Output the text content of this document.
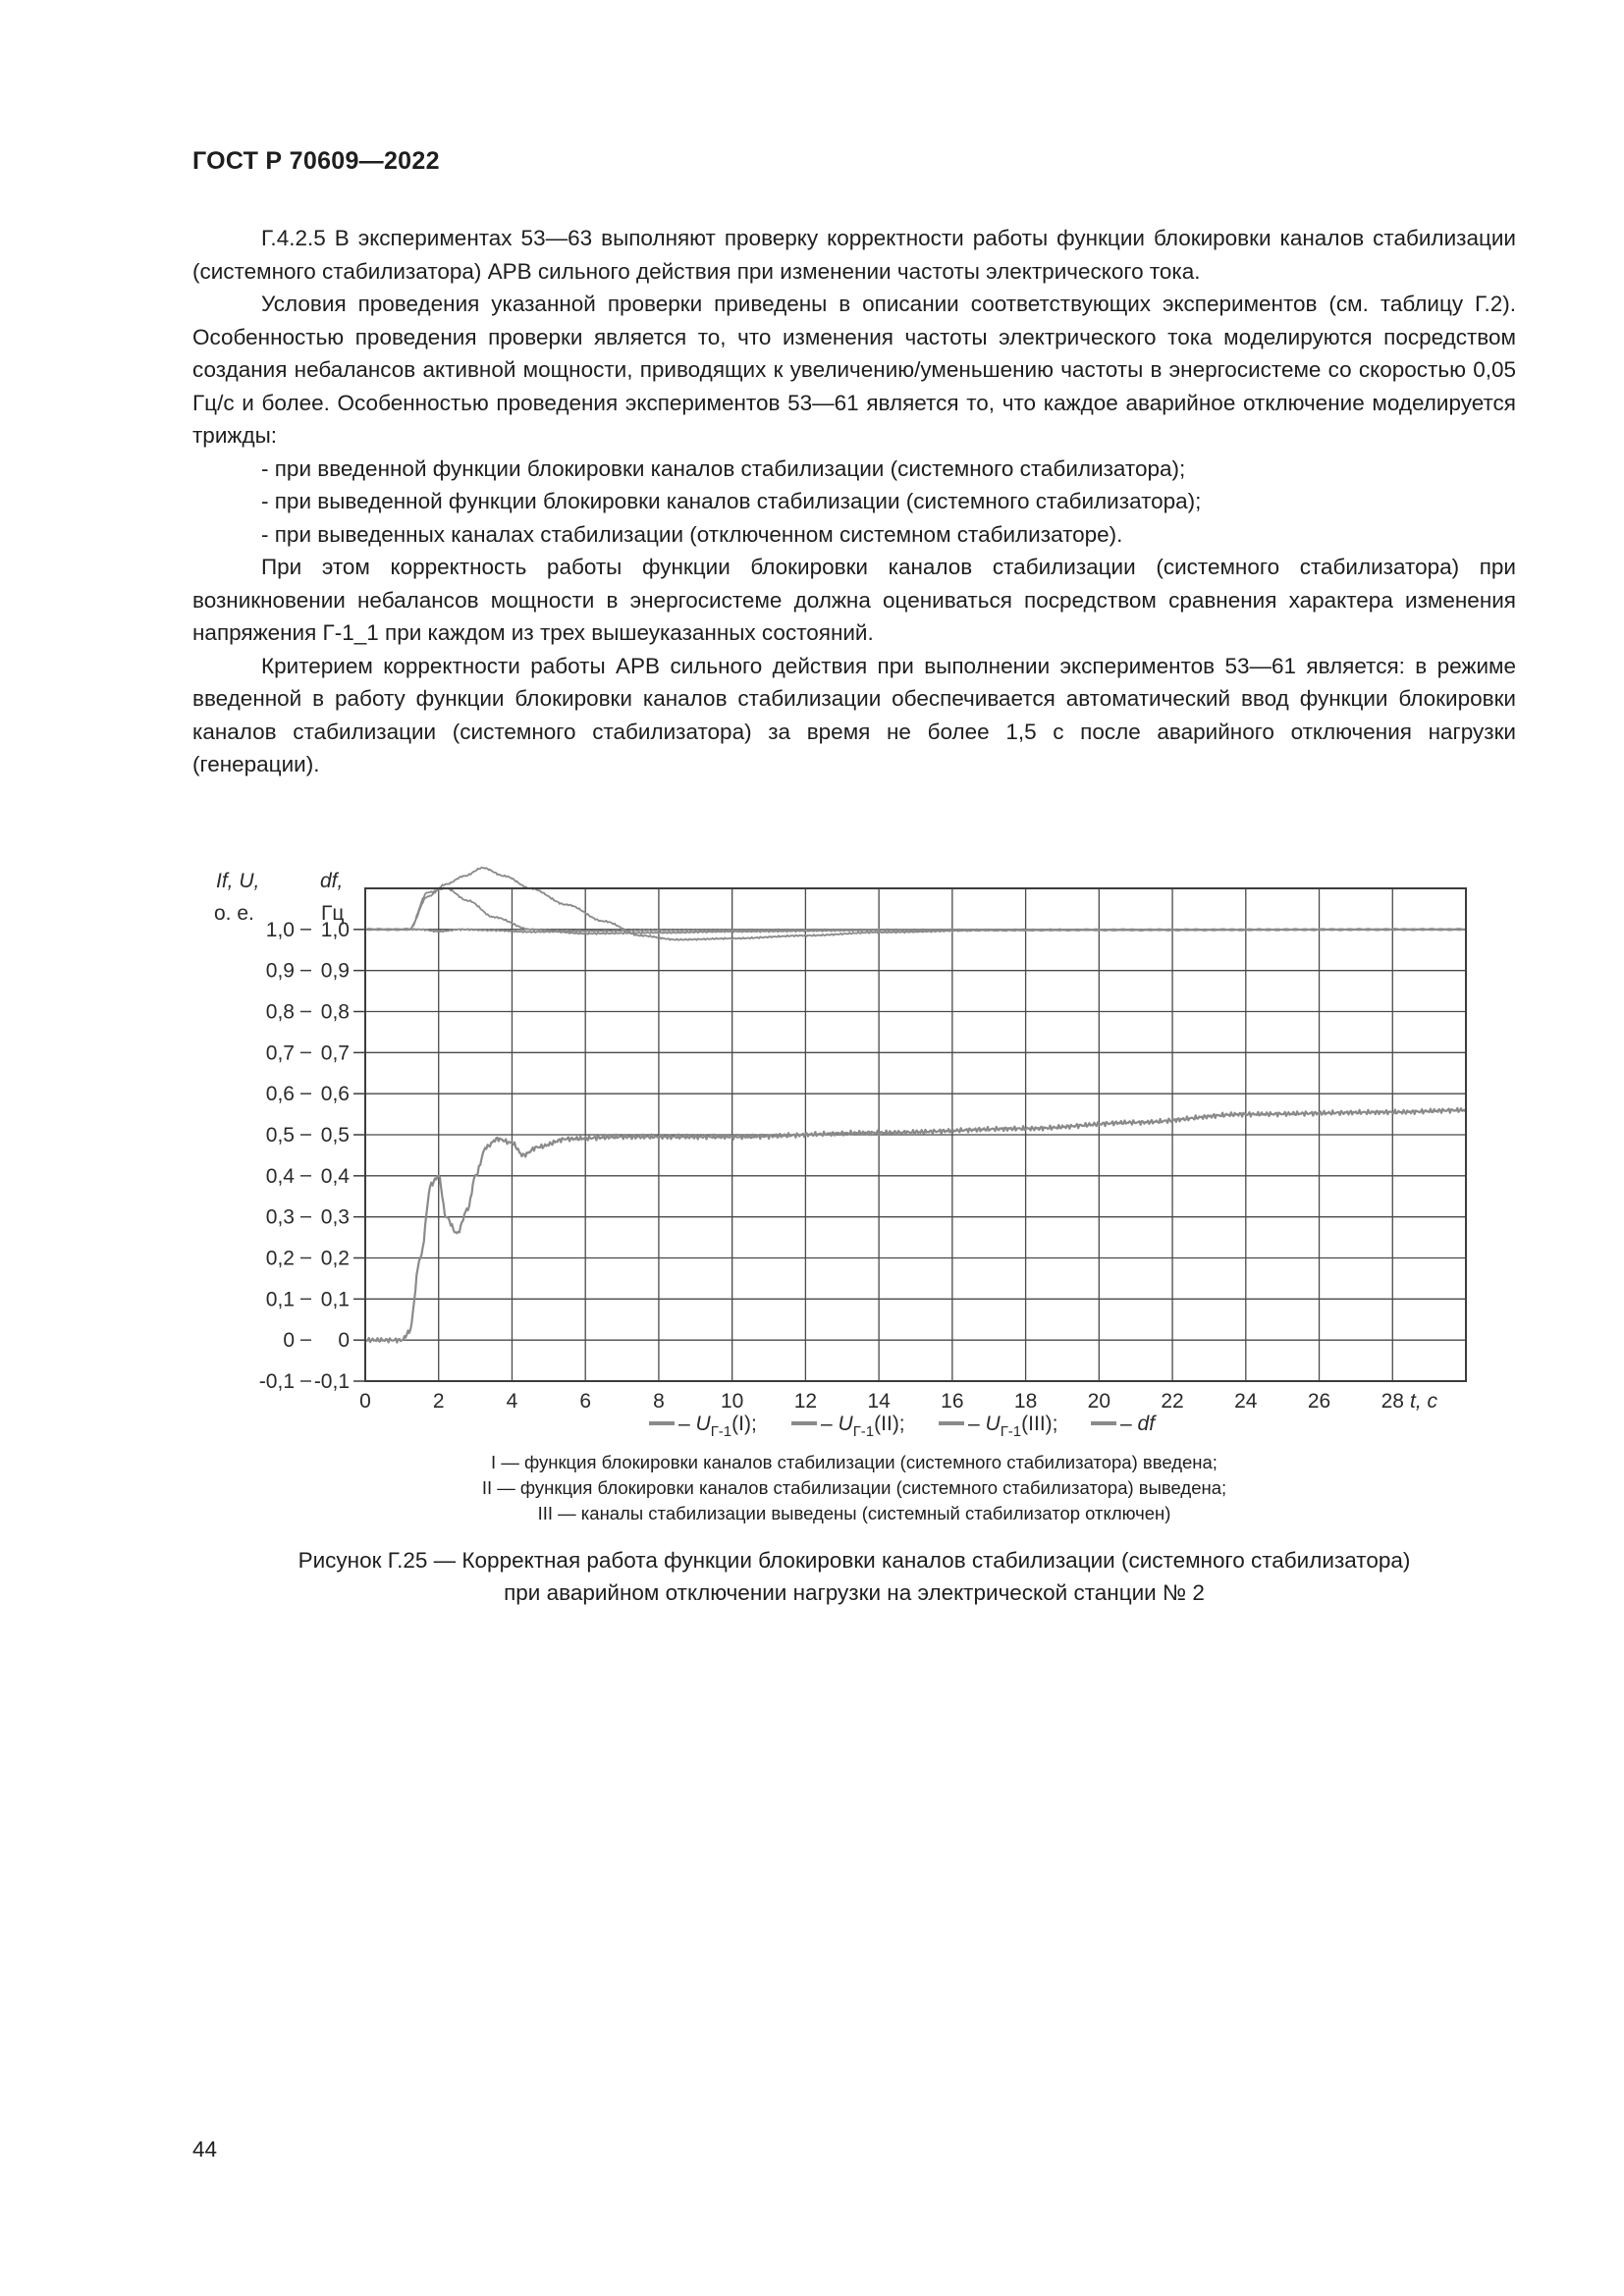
ГОСТ Р 70609—2022

Г.4.2.5 В экспериментах 53—63 выполняют проверку корректности работы функции блокировки каналов стабилизации (системного стабилизатора) АРВ сильного действия при изменении частоты электрического тока.

Условия проведения указанной проверки приведены в описании соответствующих экспериментов (см. таблицу Г.2). Особенностью проведения проверки является то, что изменения частоты электрического тока моделируются посредством создания небалансов активной мощности, приводящих к увеличению/уменьшению частоты в энергосистеме со скоростью 0,05 Гц/с и более. Особенностью проведения экспериментов 53—61 является то, что каждое аварийное отключение моделируется трижды:

- при введенной функции блокировки каналов стабилизации (системного стабилизатора);

- при выведенной функции блокировки каналов стабилизации (системного стабилизатора);

- при выведенных каналах стабилизации (отключенном системном стабилизаторе).

При этом корректность работы функции блокировки каналов стабилизации (системного стабилизатора) при возникновении небалансов мощности в энергосистеме должна оцениваться посредством сравнения характера изменения напряжения Г-1_1 при каждом из трех вышеуказанных состояний.

Критерием корректности работы АРВ сильного действия при выполнении экспериментов 53—61 является: в режиме введенной в работу функции блокировки каналов стабилизации обеспечивается автоматический ввод функции блокировки каналов стабилизации (системного стабилизатора) за время не более 1,5 с после аварийного отключения нагрузки (генерации).

0	2	4	6	8	10 12 14 16 18 20 22 24 26 28
-0,1 -0,1
0 0
0,1 0,1
0,2 0,2
0,3 0,3
0,4 0,4
0,5 0,5
0,6 0,6
0,7 0,7
0,8 0,8
0,9 0,9
1,0 1,0
If, U,
о. е.
df,
Гц
t, с
– $U_{Г-1}(I)$;	– $U_{Г-1}(II)$;	– $U_{Г-1}(III)$;	– df
I — функция блокировки каналов стабилизации (системного стабилизатора) введена;
II — функция блокировки каналов стабилизации (системного стабилизатора) выведена;
III — каналы стабилизации выведены (системный стабилизатор отключен)
Рисунок Г.25 — Корректная работа функции блокировки каналов стабилизации (системного стабилизатора)
при аварийном отключении нагрузки на электрической станции № 2
44
